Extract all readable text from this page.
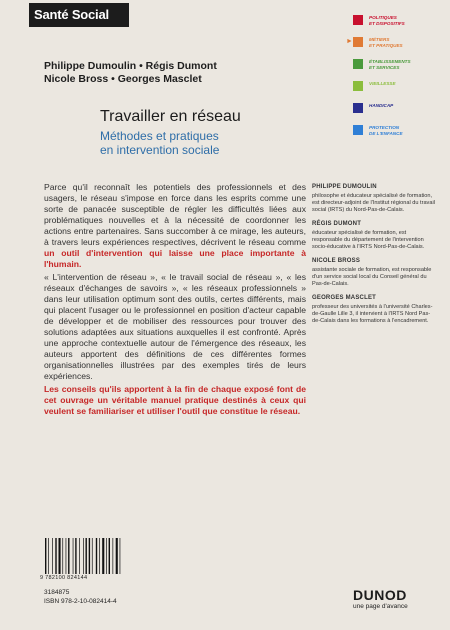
Santé Social
Philippe Dumoulin • Régis Dumont
Nicole Bross • Georges Masclet
POLITIQUES
ET DISPOSITIFS
►	MÉTIERS
ET PRATIQUES
ÉTABLISSEMENTS
ET SERVICES
VIEILLESSE
HANDICAP
PROTECTION
DE L'ENFANCE
Travailler en réseau
Méthodes et pratiques
en intervention sociale

Parce qu'il reconnaît les potentiels des professionnels et des usagers, le réseau s'impose en force dans les esprits comme une sorte de panacée susceptible de régler les difficultés liées aux problématiques nouvelles et à la nécessité de coordonner les actions entre partenaires. Sans succomber à ce mirage, les auteurs, à travers leurs expériences respectives, décrivent le réseau comme un outil d'intervention qui laisse une place importante à l'humain.

« L'intervention de réseau », « le travail social de réseau », « les réseaux d'échanges de savoirs », « les réseaux professionnels » dans leur utilisation optimum sont des outils, certes différents, mais qui placent l'usager ou le professionnel en position d'acteur capable de développer et de mobiliser des ressources pour trouver des solutions adaptées aux situations auxquelles il est confronté. Après une approche contextuelle autour de l'émergence des réseaux, les auteurs apportent des définitions de ces différentes formes organisationnelles illustrées par des exemples tirés de leurs expériences.

Les conseils qu'ils apportent à la fin de chaque exposé font de cet ouvrage un véritable manuel pratique destinés à ceux qui veulent se familiariser et utiliser l'outil que constitue le réseau.

PHILIPPE DUMOULIN
philosophe et éducateur spécialisé de formation, est directeur-adjoint de l'Institut régional du travail social (IRTS) du Nord-Pas-de-Calais.
RÉGIS DUMONT
éducateur spécialisé de formation, est responsable du département de l'intervention socio-éducative à l'IRTS Nord-Pas-de-Calais.
NICOLE BROSS
assistante sociale de formation, est responsable d'un service social local du Conseil général du Pas-de-Calais.
GEORGES MASCLET
professeur des universités à l'université Charles-de-Gaulle Lille 3, il intervient à l'IRTS Nord Pas-de-Calais dans les formations à l'encadrement.
9 782100 824144
3184875
ISBN 978-2-10-082414-4	DUNOD
une page d'avance
